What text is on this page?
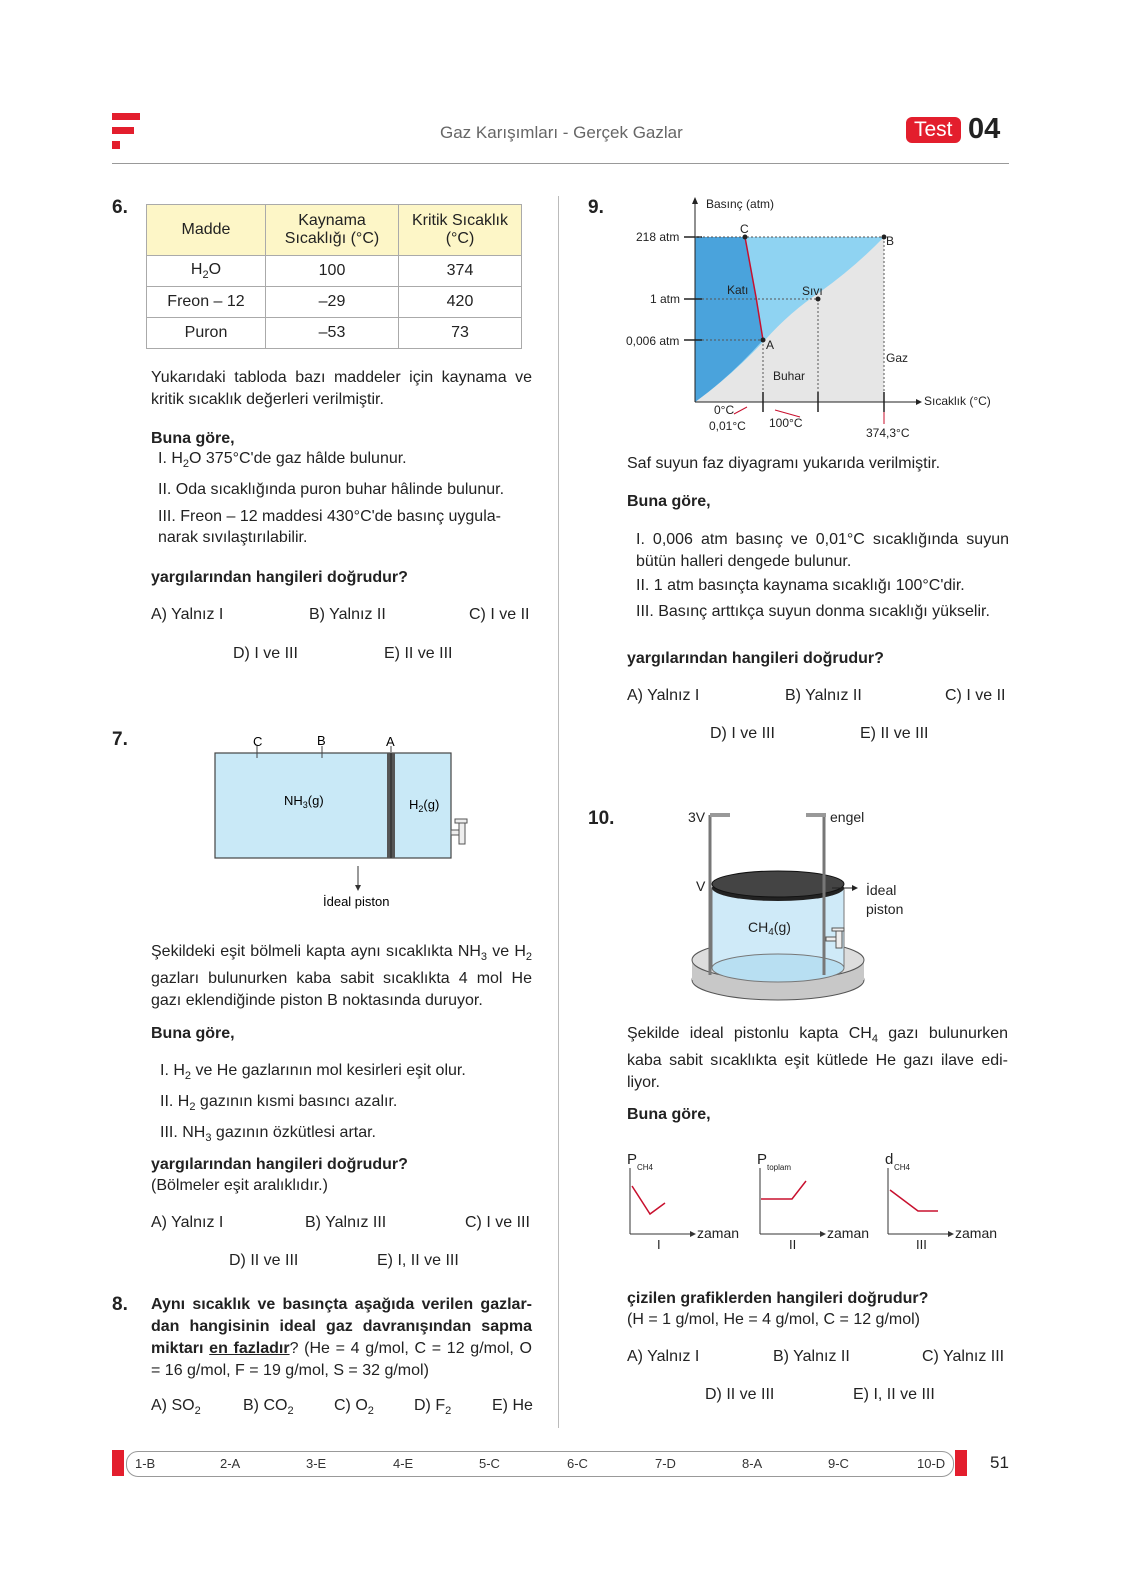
Gaz Karışımları - Gerçek Gazlar	Test 04
6.
Madde	Kaynama Sıcaklığı (°C)	Kritik Sıcaklık (°C)
$H_2O$	100	374
Freon – 12	–29	420
Puron	–53	73
Yukarıdaki tabloda bazı maddeler için kaynama ve kritik sıcaklık değerleri verilmiştir.
Buna göre,
I. $H_2O$ 375°C'de gaz hâlde bulunur.
II. Oda sıcaklığında puron buhar hâlinde bulunur.
III. Freon – 12 maddesi 430°C'de basınç uygula-narak sıvılaştırılabilir.
yargılarından hangileri doğrudur?
A) Yalnız I	B) Yalnız II	C) I ve II
D) I ve III	E) II ve III
7.	C	B	A
$NH_3(g)$	$H_2(g)$
İdeal piston
Şekildeki eşit bölmeli kapta aynı sıcaklıkta $NH_3$ ve $H_2$ gazları bulunurken kaba sabit sıcaklıkta 4 mol He gazı eklendiğinde piston B noktasında duruyor.
Buna göre,
I. $H_2$ ve He gazlarının mol kesirleri eşit olur.
II. $H_2$ gazının kısmi basıncı azalır.
III. $NH_3$ gazının özkütlesi artar.
yargılarından hangileri doğrudur?
(Bölmeler eşit aralıklıdır.)
A) Yalnız I	B) Yalnız III	C) I ve III
D) II ve III	E) I, II ve III
8. Aynı sıcaklık ve basınçta aşağıda verilen gazlar-dan hangisinin ideal gaz davranışından sapma miktarı en fazladır? (He = 4 g/mol, C = 12 g/mol, O = 16 g/mol, F = 19 g/mol, S = 32 g/mol)
A) $SO_2$	B) $CO_2$	C) $O_2$	D) $F_2$	E) He
9.	Basınç (atm)
Sıcaklık (°C)
218 atm
1 atm
0,006 atm
C
B
A
Katı	Sıvı
Buhar
Gaz
0°C
0,01°C 100°C
374,3°C
Saf suyun faz diyagramı yukarıda verilmiştir.
Buna göre,
I. 0,006 atm basınç ve 0,01°C sıcaklığında suyun bütün halleri dengede bulunur.
II. 1 atm basınçta kaynama sıcaklığı 100°C'dir.
III. Basınç arttıkça suyun donma sıcaklığı yükselir.
yargılarından hangileri doğrudur?
A) Yalnız I	B) Yalnız II	C) I ve II
D) I ve III	E) II ve III
10.	3V	engel
V	İdeal
piston
$CH_4(g)$
Şekilde ideal pistonlu kapta $CH_4$ gazı bulunurken kaba sabit sıcaklıkta eşit kütlede He gazı ilave edi-liyor.
Buna göre,
P CH4
zaman
I
P toplam
zaman
II
d CH4
zaman
III
çizilen grafiklerden hangileri doğrudur?
(H = 1 g/mol, He = 4 g/mol, C = 12 g/mol)
A) Yalnız I	B) Yalnız II	C) Yalnız III
D) II ve III	E) I, II ve III
1-B	2-A	3-E	4-E	5-C	6-C	7-D	8-A	9-C	10-D	51
